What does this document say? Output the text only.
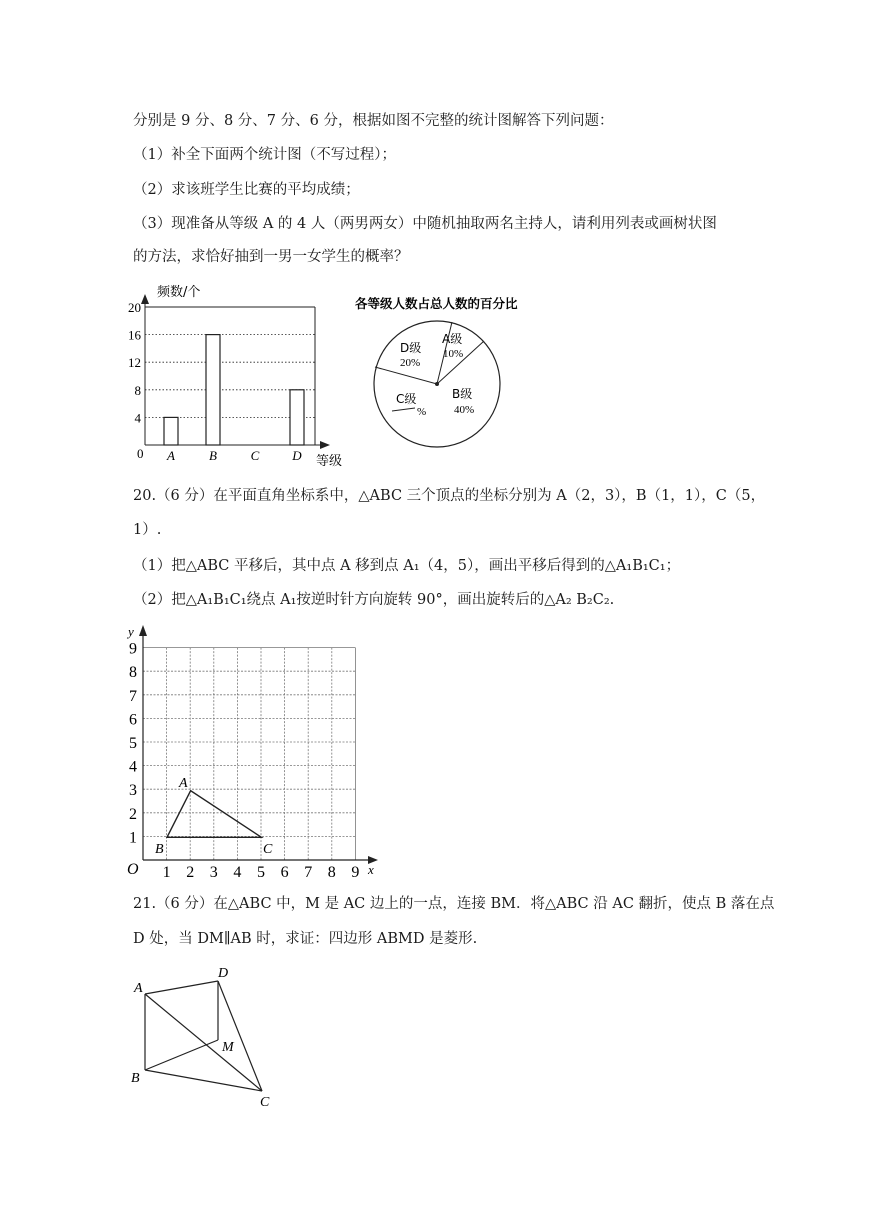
分别是 9 分、8 分、7 分、6 分，根据如图不完整的统计图解答下列问题：
（1）补全下面两个统计图（不写过程）；
（2）求该班学生比赛的平均成绩；
（3）现准备从等级 A 的 4 人（两男两女）中随机抽取两名主持人，请利用列表或画树状图
的方法，求恰好抽到一男一女学生的概率？
4
8
12
16
20
A	B	C	D
频数/个
等级
0
各等级人数占总人数的百分比
A级
10%
B级
40%
C级
%
D级
20%
20.（6 分）在平面直角坐标系中，△ABC 三个顶点的坐标分别为 A（2，3），B（1，1），C（5，
1）.
（1）把△ABC 平移后，其中点 A 移到点 A₁（4，5），画出平移后得到的△A₁B₁C₁；
（2）把△A₁B₁C₁绕点 A₁按逆时针方向旋转 90°，画出旋转后的△A₂ B₂C₂.
1 2 3 4 5 6 7 8 9
1
2
3
4
5
6
7
8
9
y
x
O
A
B	C
21.（6 分）在△ABC 中，M 是 AC 边上的一点，连接 BM．将△ABC 沿 AC 翻折，使点 B 落在点
D 处，当 DM∥AB 时，求证：四边形 ABMD 是菱形.
A
D
M
B
C
